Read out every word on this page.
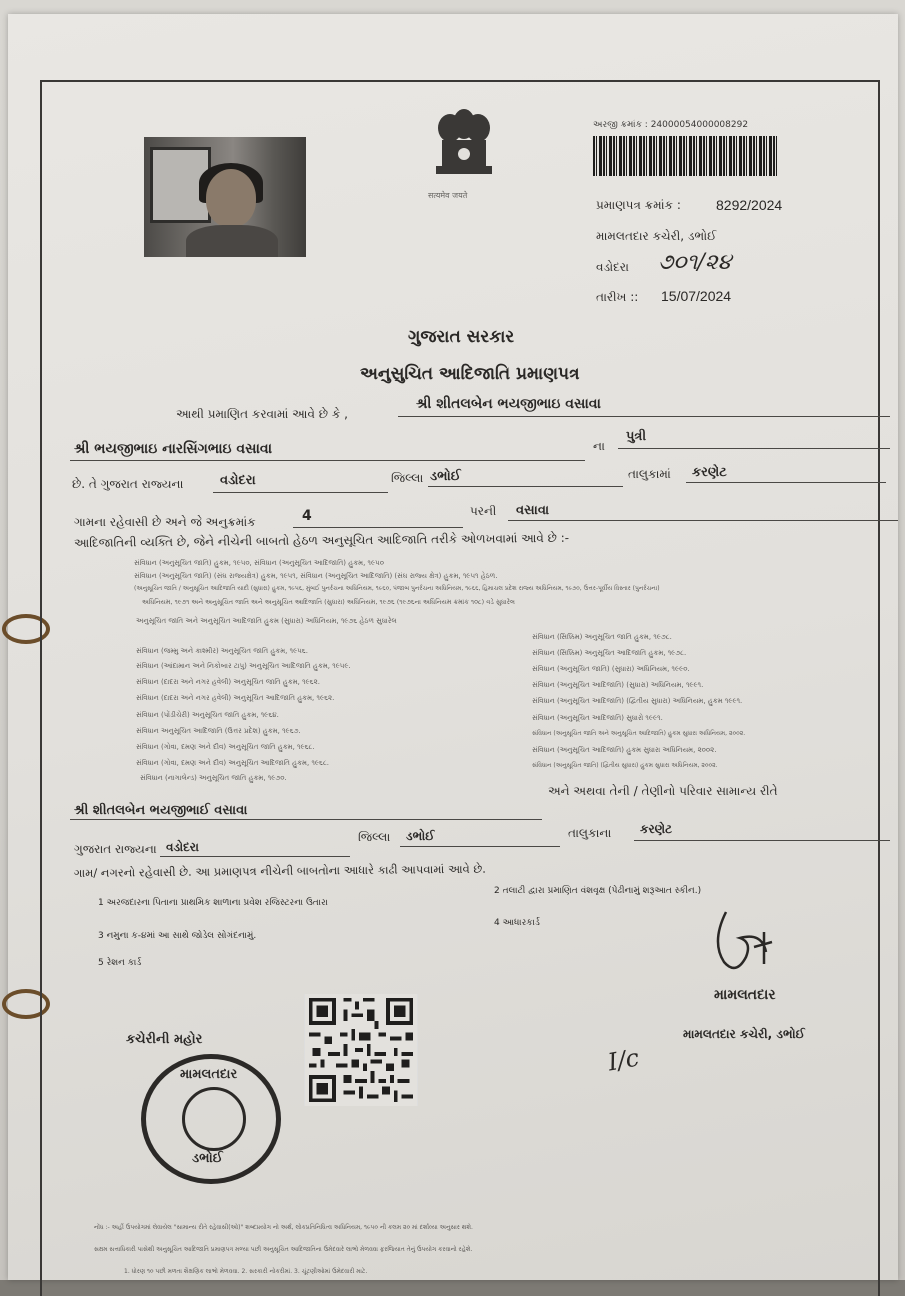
सत्यमेव जयते
અરજી ક્રમાંક : 24000054000008292
પ્રમાણપત્ર ક્રમાંક :	8292/2024
મામલતદાર કચેરી, ડભોઈ
વડોદરા ૭૦૧/૨૪
તારીખ :: 15/07/2024
ગુજરાત સરકાર
અનુસુચિત આદિજાતિ પ્રમાણપત્ર
આથી પ્રમાણિત કરવામાં આવે છે કે ,
શ્રી શીતલબેન ભયજીભાઇ વસાવા
શ્રી ભયજીભાઇ નારસિંગભાઇ વસાવા	ના
પુત્રી
છે. તે ગુજરાત રાજ્યના	વડોદરા	જિલ્લા ડભોઈ	તાલુકામાં કરણેટ
ગામના રહેવાસી છે અને જે અનુક્રમાંક	4	પરની વસાવા
આદિજાતિની વ્યક્તિ છે, જેને નીચેની બાબતો હેઠળ અનુસૂચિત આદિજાતિ તરીકે ઓળખવામાં આવે છે :-
સંવિધાન (અનુસૂચિત જાતિ) હુકમ, ૧૯૫૦, સંવિધાન (અનુસૂચિત આદિજાતિ) હુકમ, ૧૯૫૦
સંવિધાન (અનુસૂચિત જાતિ) (સંઘ રાજ્યક્ષેત્ર) હુકમ, ૧૯૫૧, સંવિધાન (અનુસૂચિત આદિજાતિ) (સંઘ રાજ્ય ક્ષેત્ર) હુકમ, ૧૯૫૧ હેઠળ.
(અનુસૂચિત જાતિ / અનુસૂચિત આદિજાતિ યાદી (સુધારા) હુકમ, ૧૯૫૬, મુંબઈ પુનર્રચના અધિનિયમ, ૧૯૬૦, પંજાબ પુનર્રચના અધિનિયમ, ૧૯૬૬, હિમાચલ પ્રદેશ રાજ્ય અધિનિયમ, ૧૯૭૦, ઉત્તર-પૂર્વીય વિસ્તાર (પુનર્રચના)
અધિનિયમ, ૧૯૭૧ અને અનુસૂચિત જાતિ અને અનુસૂચિત આદિજાતિ (સુધારા) અધિનિયમ, ૧૯૭૬ (૧૯૭૬ના અધિનિયમ ક્રમાંક ૧૦૮) વડે સુધારેલ
અનુસૂચિત જાતિ અને અનુસૂચિત આદિજાતિ હુકમ (સુધારા) અધિનિયમ, ૧૯૭૬ હેઠળ સુધારેલ
સંવિધાન (જમ્મુ અને કાશ્મીર) અનુસૂચિત જાતિ હુકમ, ૧૯૫૬.
સંવિધાન (આંદામાન અને નિકોબાર ટાપુ) અનુસૂચિત આદિજાતિ હુકમ, ૧૯૫૯.
સંવિધાન (દાદરા અને નગર હવેલી) અનુસૂચિત જાતિ હુકમ, ૧૯૬૨.
સંવિધાન (દાદરા અને નગર હવેલી) અનુસૂચિત આદિજાતિ હુકમ, ૧૯૬૨.
સંવિધાન (પોંડીચેરી) અનુસૂચિત જાતિ હુકમ, ૧૯૬૪.
સંવિધાન અનુસૂચિત આદિજાતિ (ઉત્તર પ્રદેશ) હુકમ, ૧૯૬૭.
સંવિધાન (ગોવા, દમણ અને દીવ) અનુસૂચિત જાતિ હુકમ, ૧૯૬૮.
સંવિધાન (ગોવા, દમણ અને દીવ) અનુસૂચિત આદિજાતિ હુકમ, ૧૯૬૮.
સંવિધાન (નાગાલેન્ડ) અનુસૂચિત જાતિ હુકમ, ૧૯૭૦.
સંવિધાન (સિક્કિમ) અનુસૂચિત જાતિ હુકમ, ૧૯૭૮.
સંવિધાન (સિક્કિમ) અનુસૂચિત આદિજાતિ હુકમ, ૧૯૭૮.
સંવિધાન (અનુસૂચિત જાતિ) (સુધારા) અધિનિયમ, ૧૯૯૦.
સંવિધાન (અનુસૂચિત આદિજાતિ) (સુધારા) અધિનિયમ, ૧૯૯૧.
સંવિધાન (અનુસૂચિત આદિજાતિ) (દ્વિતીય સુધારા) અધિનિયમ, હુકમ ૧૯૯૧.
સંવિધાન (અનુસૂચિત આદિજાતિ) સુધારો ૧૯૯૧.
સંવિધાન (અનુસૂચિત જાતિ અને અનુસૂચિત આદિજાતિ) હુકમ સુધારા અધિનિયમ, ૨૦૦૨.
સંવિધાન (અનુસૂચિત આદિજાતિ) હુકમ સુધારા અધિનિયમ, ૨૦૦૨.
સંવિધાન (અનુસૂચિત જાતિ) (દ્વિતીય સુધારા) હુકમ સુધારા અધિનિયમ, ૨૦૦૨.
અને અથવા તેની / તેણીનો પરિવાર સામાન્ય રીતે
શ્રી શીતલબેન ભયજીભાઈ વસાવા
ગુજરાત રાજ્યના વડોદરા
જિલ્લા ડભોઈ	તાલુકાના કરણેટ
ગામ/ નગરનો રહેવાસી છે. આ પ્રમાણપત્ર નીચેની બાબતોના આધારે કાઢી આપવામાં આવે છે.
1 અરજદારના પિતાના પ્રાથમિક શાળાના પ્રવેશ રજિસ્ટરના ઉતારા
2 તલાટી દ્વારા પ્રમાણિત વંશવૃક્ષ (પેઢીનામું શરૂઆત સ્કીન.)
3 નમુના ક-૪માં આ સાથે જોડેલ સોગંદનામું.
4 આધારકાર્ડ
5 રેશન કાર્ડ
મામલતદાર
મામલતદાર કચેરી, ડભોઈ
I/c
કચેરીની મહોર
મામલતદાર
ડભોઈ
નોંધ :- અહીં ઉપયોગમાં લેવાયેલ "સામાન્ય રીતે રહેવાસી(ઓ)" શબ્દપ્રયોગ નો અર્થ, લોકપ્રતિનિધિત્વ અધિનિયમ, ૧૯૫૦ ની કલમ ૨૦ માં દર્શાવ્યા અનુસાર થશે.
સક્ષમ સત્તાધિકારી પાસેથી અનુસૂચિત આદિજાતિ પ્રમાણપત્ર મળ્યા પછી અનુસૂચિત આદિજાતિના ઉમેદવારે લાભો મેળવવા ફરજિયાત તેનું ઉપયોગ કરવાનો રહેશે.
1. ધોરણ ૧૦ પછી મળતા શૈક્ષણિક લાભો મેળવવા. 2. સરકારી નોકરીમાં. 3. ચૂંટણીઓમાં ઉમેદવારી માટે.
